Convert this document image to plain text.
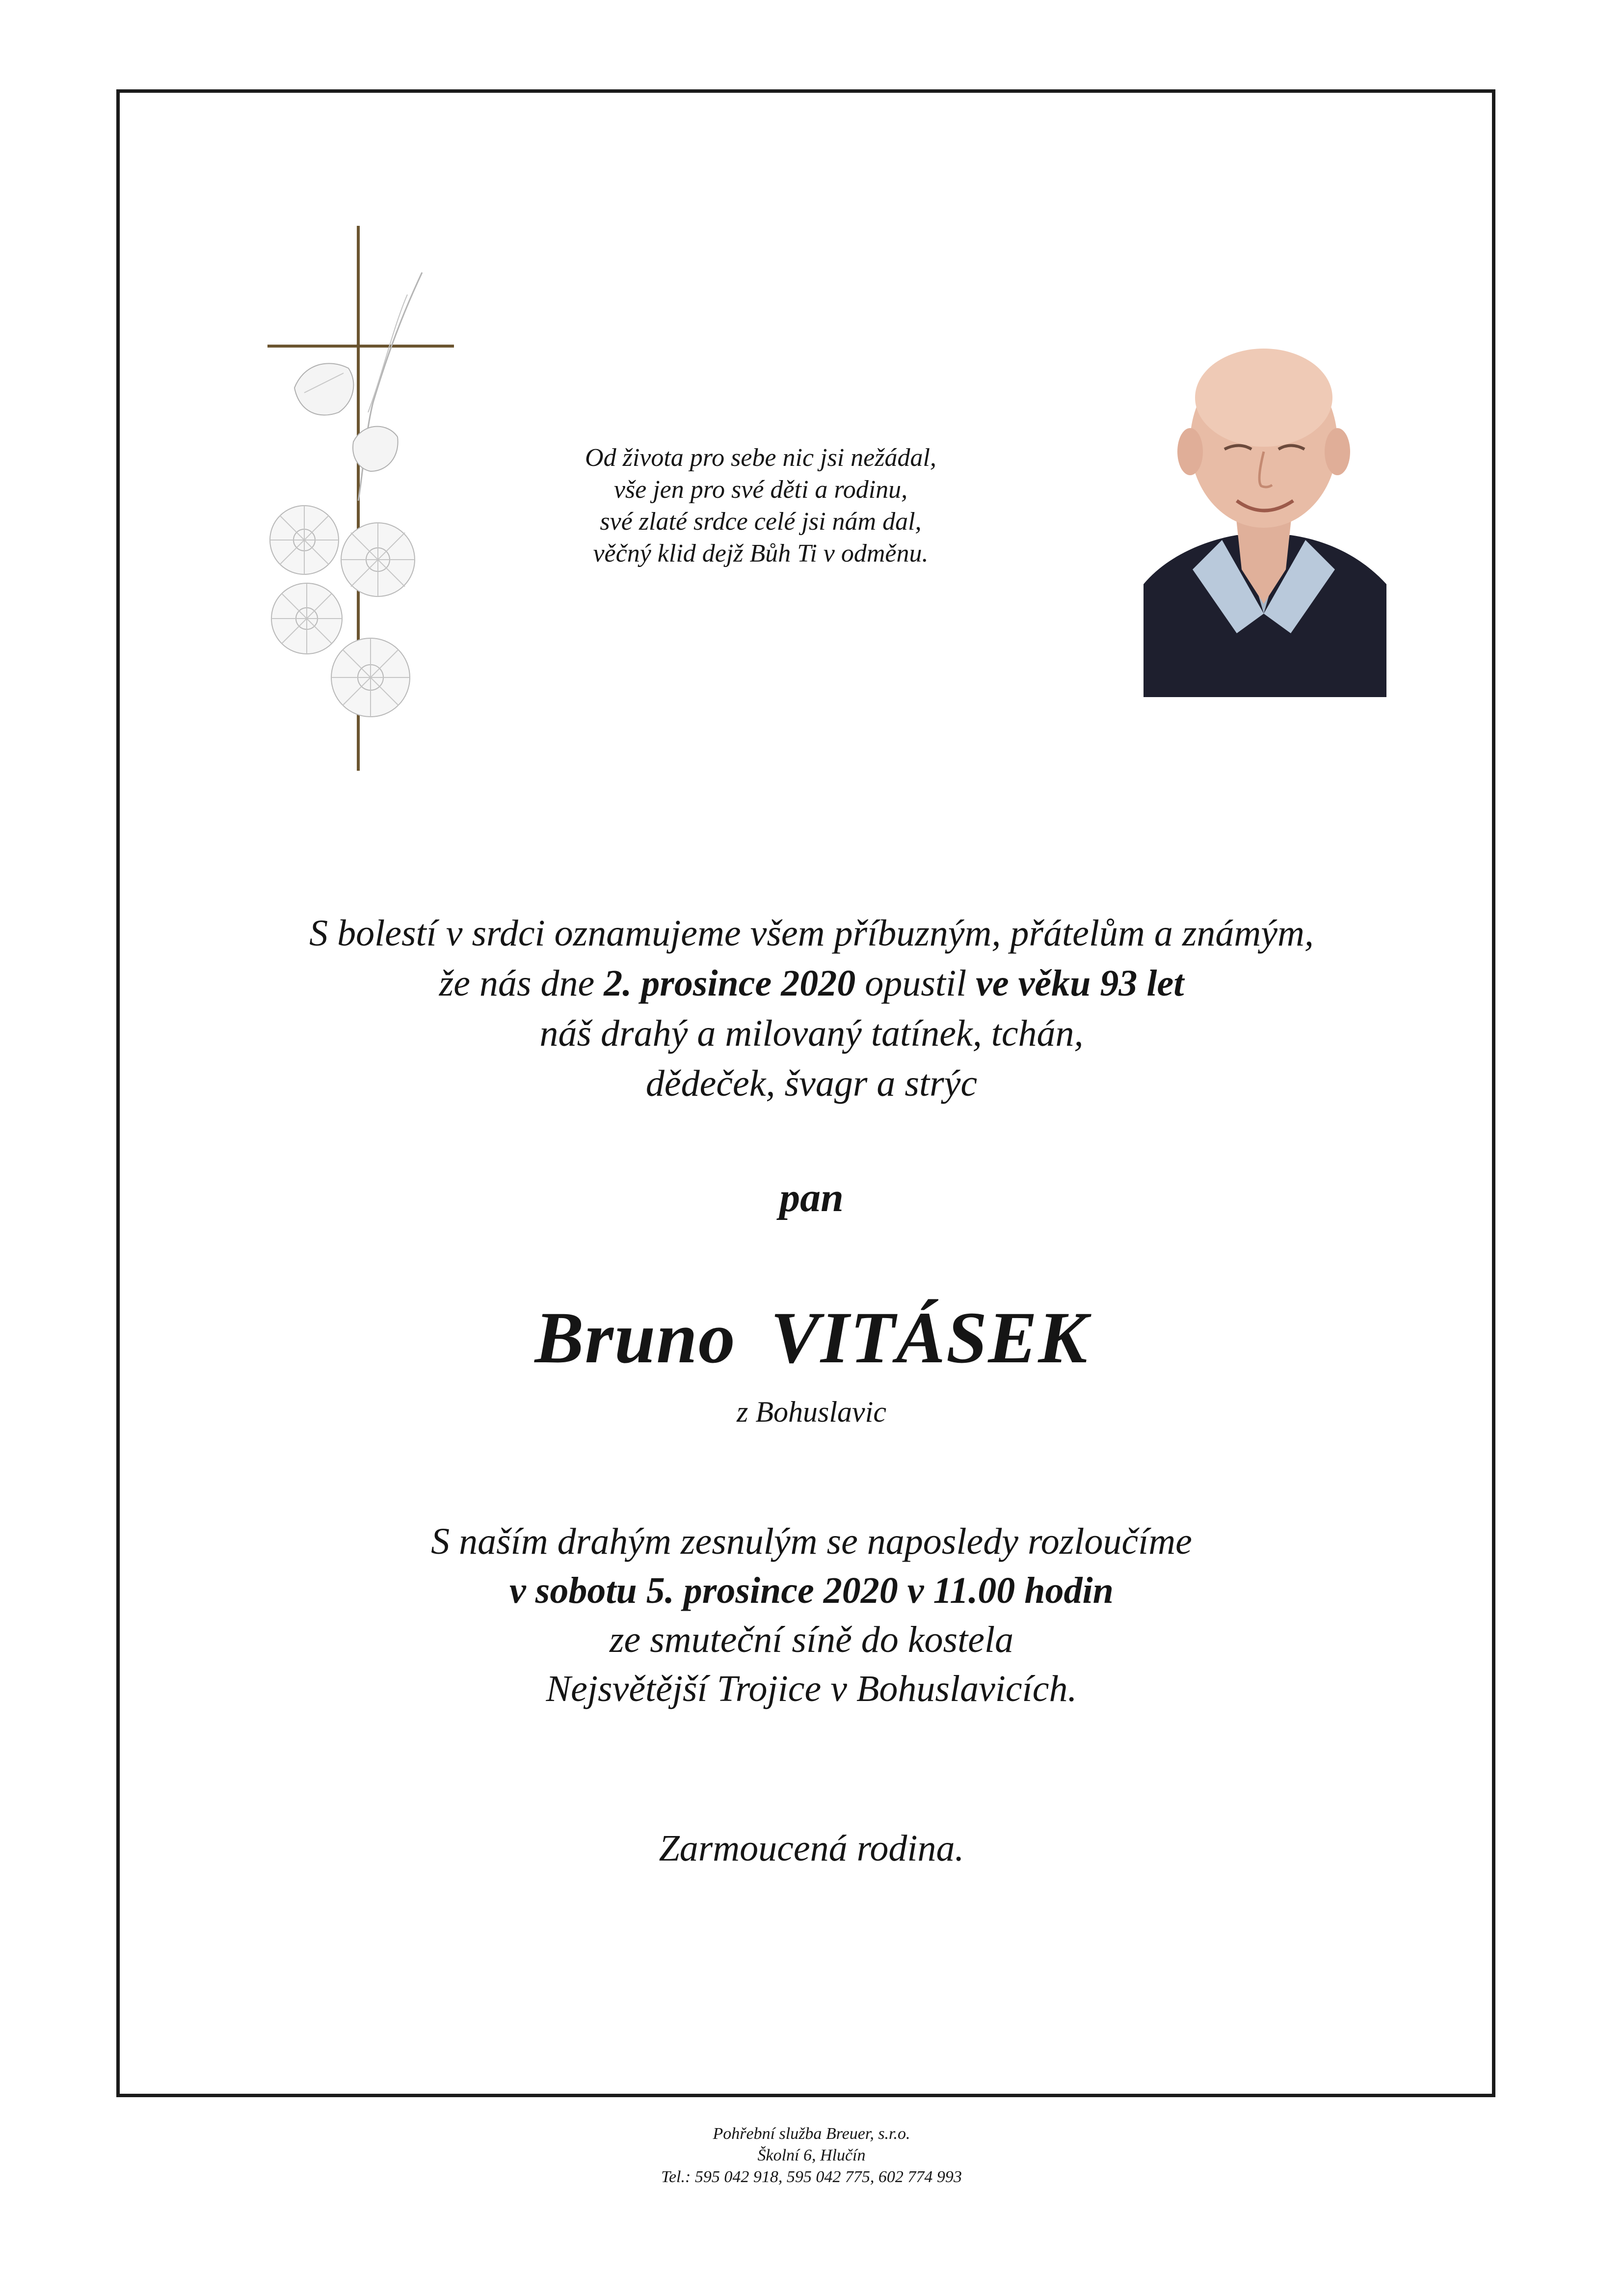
Od života pro sebe nic jsi nežádal,
vše jen pro své děti a rodinu,
své zlaté srdce celé jsi nám dal,
věčný klid dejž Bůh Ti v odměnu.
S bolestí v srdci oznamujeme všem příbuzným, přátelům a známým,
že nás dne 2. prosince 2020 opustil ve věku 93 let
náš drahý a milovaný tatínek, tchán,
dědeček, švagr a strýc
pan
Bruno VITÁSEK
z Bohuslavic
S naším drahým zesnulým se naposledy rozloučíme
v sobotu 5. prosince 2020 v 11.00 hodin
ze smuteční síně do kostela
Nejsvětější Trojice v Bohuslavicích.
Zarmoucená rodina.
Pohřební služba Breuer, s.r.o.
Školní 6, Hlučín
Tel.: 595 042 918, 595 042 775, 602 774 993
